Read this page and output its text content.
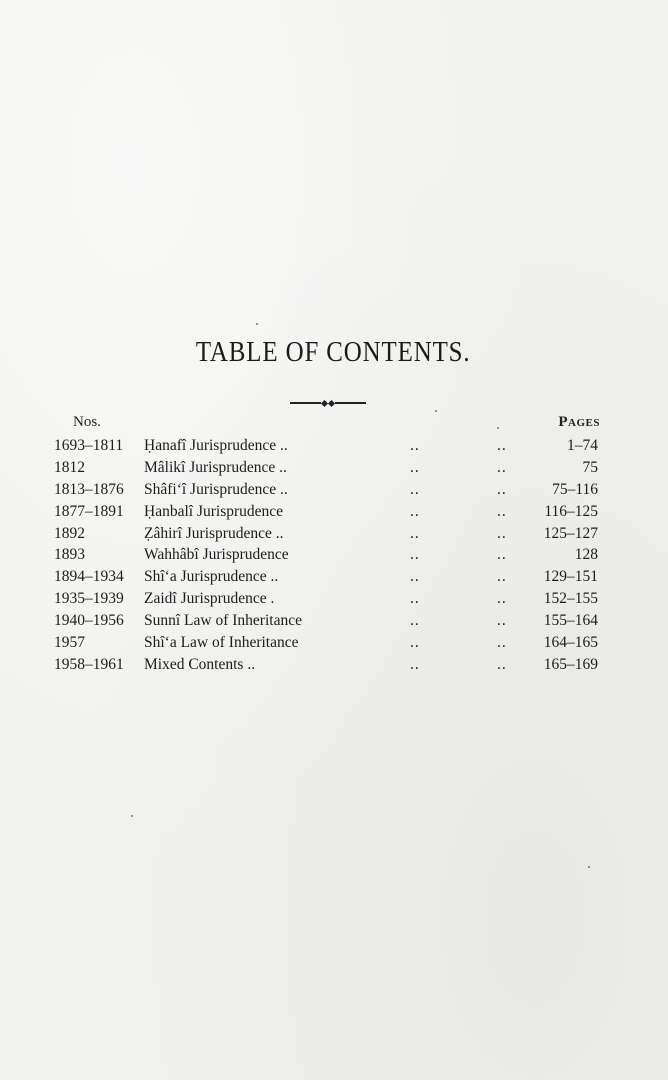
TABLE OF CONTENTS.
Nos.	Pages
1693–1811	Ḥanafî Jurisprudence ..	..	..	1–74
1812	Mâlikî Jurisprudence ..	..	..	75
1813–1876	Shâfi‘î Jurisprudence ..	..	..	75–116
1877–1891	Ḥanbalî Jurisprudence	..	..	116–125
1892	Ẓâhirî Jurisprudence ..	..	..	125–127
1893	Wahhâbî Jurisprudence	..	..	128
1894–1934	Shî‘a Jurisprudence ..	..	..	129–151
1935–1939	Zaidî Jurisprudence .	..	..	152–155
1940–1956	Sunnî Law of Inheritance	..	..	155–164
1957	Shî‘a Law of Inheritance	..	..	164–165
1958–1961	Mixed Contents ..	..	..	165–169
